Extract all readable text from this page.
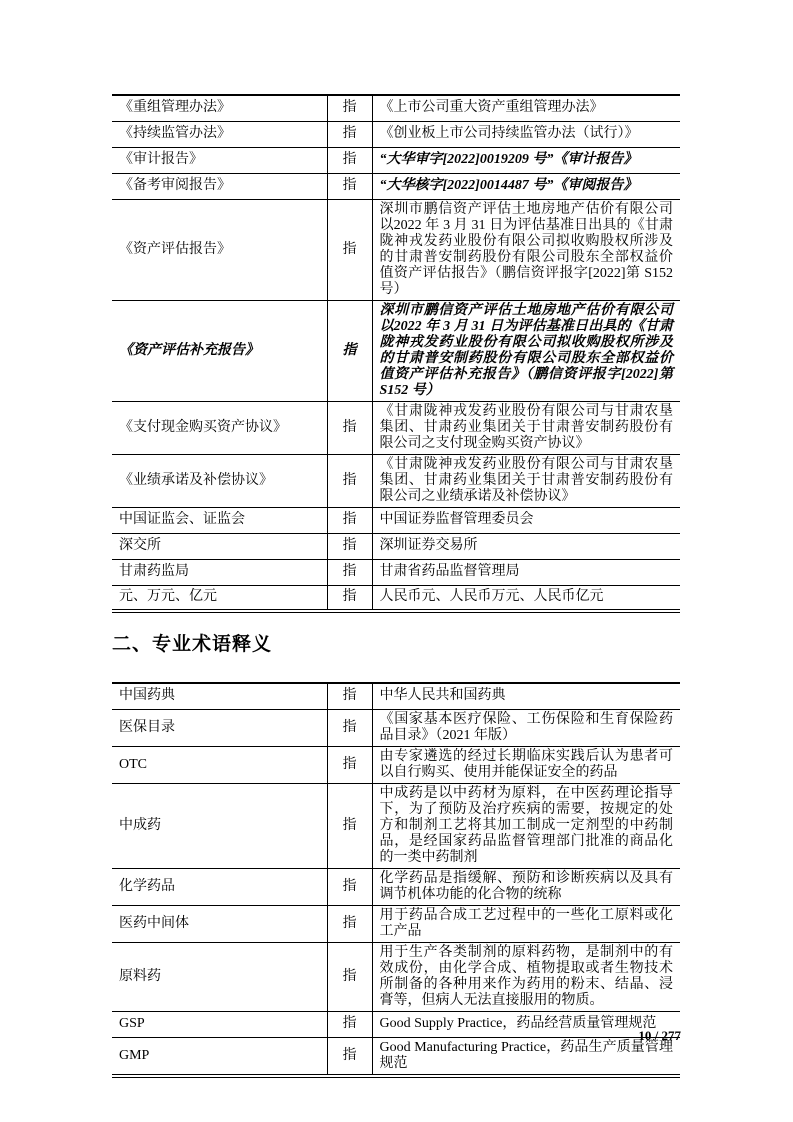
《重组管理办法》	指	《上市公司重大资产重组管理办法》
《持续监管办法》	指	《创业板上市公司持续监管办法（试行）》
《审计报告》	指	“大华审字[2022]0019209 号”《审计报告》
《备考审阅报告》	指	“大华核字[2022]0014487 号”《审阅报告》
《资产评估报告》	指	深圳市鹏信资产评估土地房地产估价有限公司以2022 年 3 月 31 日为评估基准日出具的《甘肃陇神戎发药业股份有限公司拟收购股权所涉及的甘肃普安制药股份有限公司股东全部权益价值资产评估报告》（鹏信资评报字[2022]第 S152 号）
《资产评估补充报告》	指	深圳市鹏信资产评估土地房地产估价有限公司以2022 年 3 月 31 日为评估基准日出具的《甘肃陇神戎发药业股份有限公司拟收购股权所涉及的甘肃普安制药股份有限公司股东全部权益价值资产评估补充报告》（鹏信资评报字[2022]第 S152 号）
《支付现金购买资产协议》	指	《甘肃陇神戎发药业股份有限公司与甘肃农垦集团、甘肃药业集团关于甘肃普安制药股份有限公司之支付现金购买资产协议》
《业绩承诺及补偿协议》	指	《甘肃陇神戎发药业股份有限公司与甘肃农垦集团、甘肃药业集团关于甘肃普安制药股份有限公司之业绩承诺及补偿协议》
中国证监会、证监会	指	中国证券监督管理委员会
深交所	指	深圳证券交易所
甘肃药监局	指	甘肃省药品监督管理局
元、万元、亿元	指	人民币元、人民币万元、人民币亿元
二、专业术语释义
中国药典	指	中华人民共和国药典
医保目录	指	《国家基本医疗保险、工伤保险和生育保险药品目录》（2021 年版）
OTC	指	由专家遴选的经过长期临床实践后认为患者可以自行购买、使用并能保证安全的药品
中成药	指	中成药是以中药材为原料，在中医药理论指导下，为了预防及治疗疾病的需要，按规定的处方和制剂工艺将其加工制成一定剂型的中药制品，是经国家药品监督管理部门批准的商品化的一类中药制剂
化学药品	指	化学药品是指缓解、预防和诊断疾病以及具有调节机体功能的化合物的统称
医药中间体	指	用于药品合成工艺过程中的一些化工原料或化工产品
原料药	指	用于生产各类制剂的原料药物，是制剂中的有效成份，由化学合成、植物提取或者生物技术所制备的各种用来作为药用的粉末、结晶、浸膏等，但病人无法直接服用的物质。
GSP	指	Good Supply Practice，药品经营质量管理规范
GMP	指	Good Manufacturing Practice，药品生产质量管理规范
10 / 277
